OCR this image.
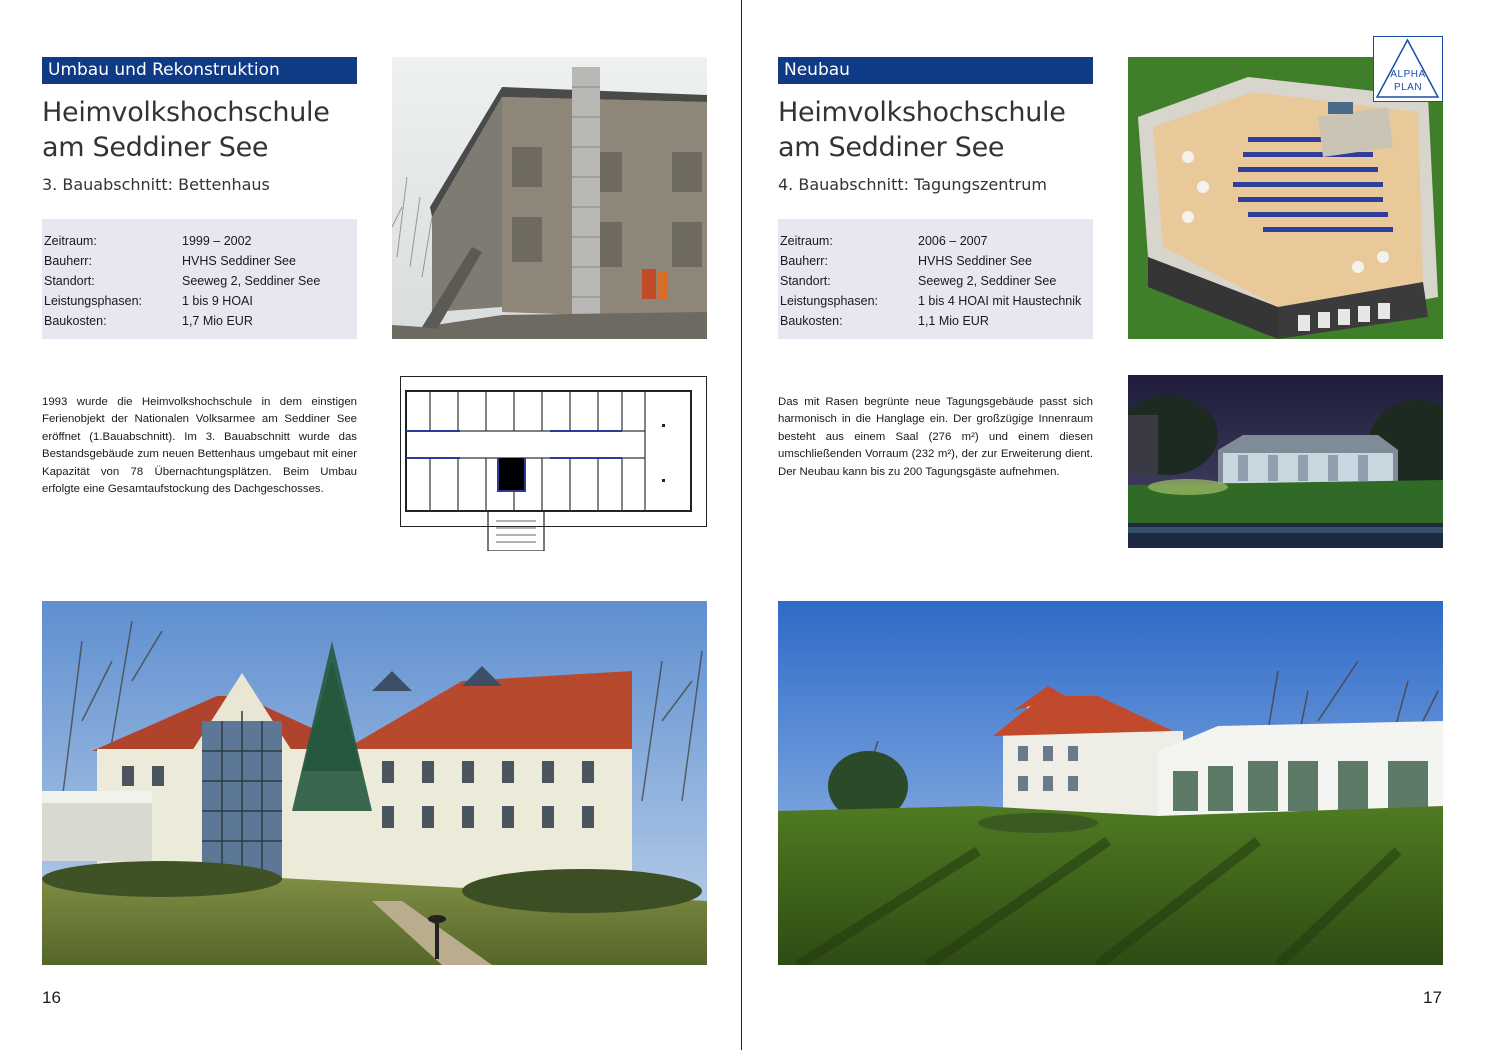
Umbau und Rekonstruktion
Heimvolkshochschule
am Seddiner See
3. Bauabschnitt: Bettenhaus
Zeitraum:	1999 – 2002
Bauherr:	HVHS Seddiner See
Standort:	Seeweg 2, Seddiner See
Leistungsphasen:	1 bis 9 HOAI
Baukosten:	1,7 Mio EUR

1993 wurde die Heimvolkshochschule in dem einstigen Ferienobjekt der Nationalen Volksarmee am Seddiner See eröffnet (1.Bauabschnitt). Im 3. Bauabschnitt wurde das Bestandsgebäude zum neuen Bettenhaus umgebaut mit einer Kapazität von 78 Übernachtungsplätzen. Beim Umbau erfolgte eine Gesamtaufstockung des Dachgeschosses.

16
Neubau
Heimvolkshochschule
am Seddiner See
4. Bauabschnitt: Tagungszentrum
Zeitraum:	2006 – 2007
Bauherr:	HVHS Seddiner See
Standort:	Seeweg 2, Seddiner See
Leistungsphasen:	1 bis 4 HOAI mit Haustechnik
Baukosten:	1,1 Mio EUR

Das mit Rasen begrünte neue Tagungsgebäude passt sich harmonisch in die Hanglage ein. Der großzügige Innenraum besteht aus einem Saal (276 m²) und einem diesen umschließenden Vorraum (232 m²), der zur Erweiterung dient. Der Neubau kann bis zu 200 Tagungsgäste aufnehmen.

ALPHA
PLAN
17
